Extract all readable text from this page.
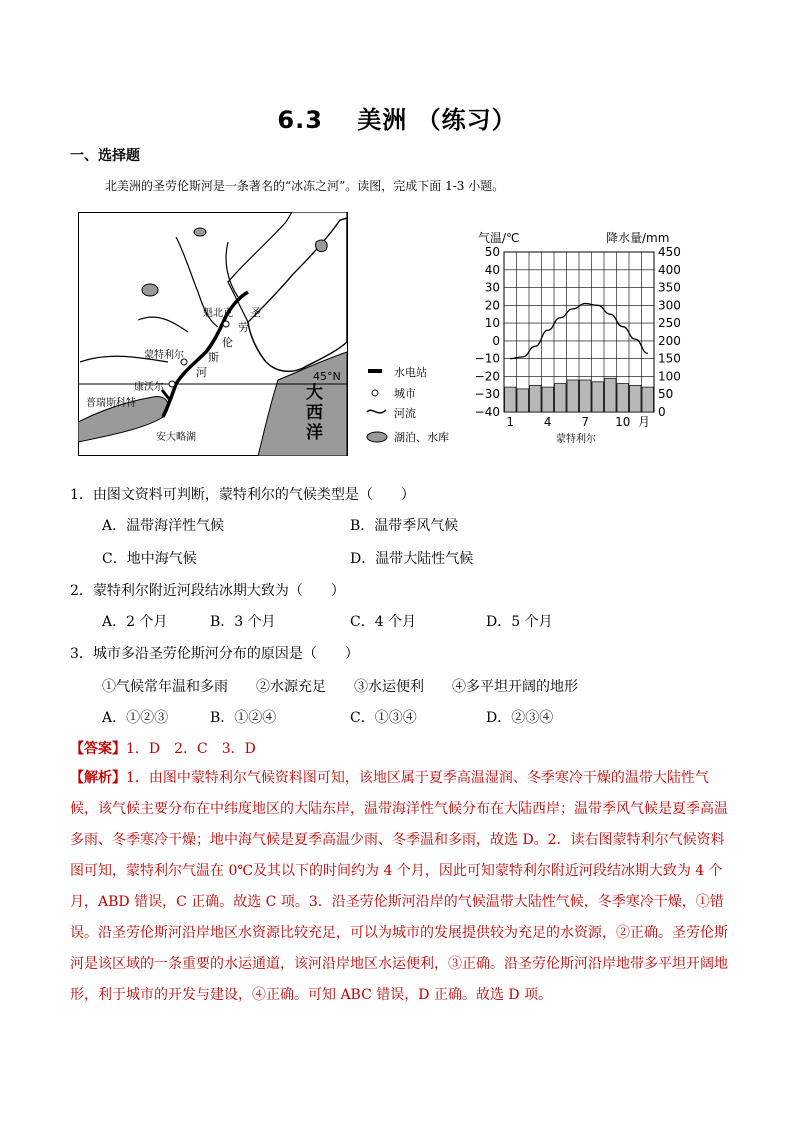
6.3　 美洲 （练习）
一、选择题
北美洲的圣劳伦斯河是一条著名的“冰冻之河”。读图，完成下面 1-3 小题。
魁北克
蒙特利尔
康沃尔
普瑞斯科特
圣
劳
伦
斯
河
安大略湖
45°N
大
西
洋
水电站
城市
河流
湖泊、水库
气温/℃	降水量/mm
50	450
40	400
30	350
20	300
10	250
0	200
−10	150
−20	100
−30	50
−40	0
1 4 7 10 月
蒙特利尔
1．由图文资料可判断，蒙特利尔的气候类型是（　　）
A．温带海洋性气候	B．温带季风气候
C．地中海气候	D．温带大陆性气候
2．蒙特利尔附近河段结冰期大致为（　　）
A．2 个月	B．3 个月	C．4 个月	D．5 个月
3．城市多沿圣劳伦斯河分布的原因是（　　）
①气候常年温和多雨　　②水源充足　　③水运便利　　④多平坦开阔的地形
A．①②③	B．①②④	C．①③④	D．②③④
【答案】1．D　2．C　3．D
【解析】1．由图中蒙特利尔气候资料图可知，该地区属于夏季高温湿润、冬季寒冷干燥的温带大陆性气候，该气候主要分布在中纬度地区的大陆东岸，温带海洋性气候分布在大陆西岸；温带季风气候是夏季高温多雨、冬季寒冷干燥；地中海气候是夏季高温少雨、冬季温和多雨，故选 D。2．读右图蒙特利尔气候资料图可知，蒙特利尔气温在 0℃及其以下的时间约为 4 个月，因此可知蒙特利尔附近河段结冰期大致为 4 个月，ABD 错误，C 正确。故选 C 项。3．沿圣劳伦斯河沿岸的气候温带大陆性气候，冬季寒冷干燥，①错误。沿圣劳伦斯河沿岸地区水资源比较充足，可以为城市的发展提供较为充足的水资源，②正确。圣劳伦斯河是该区域的一条重要的水运通道，该河沿岸地区水运便利，③正确。沿圣劳伦斯河沿岸地带多平坦开阔地形，利于城市的开发与建设，④正确。可知 ABC 错误，D 正确。故选 D 项。
